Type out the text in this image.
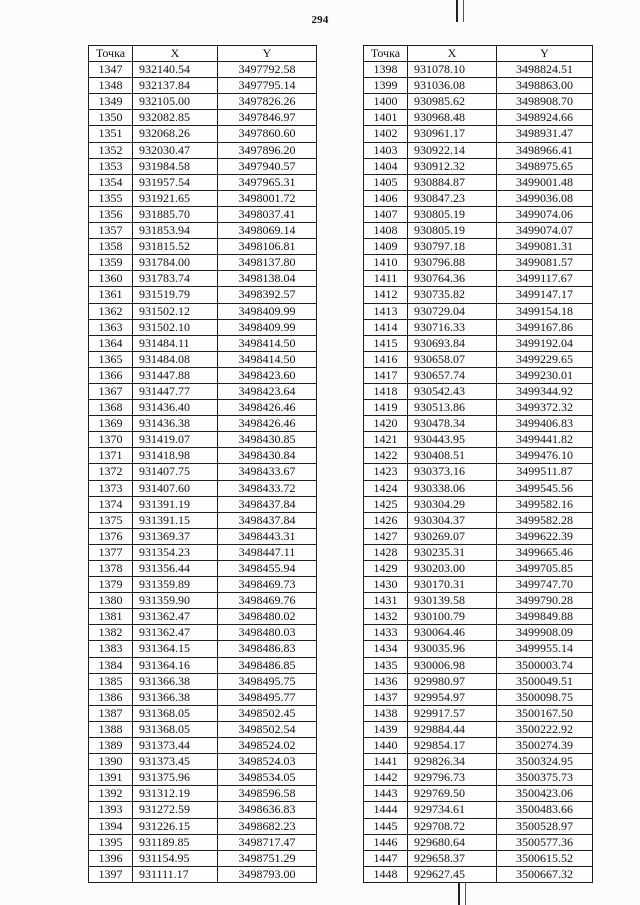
294
Точка	X	Y
1347	932140.54	3497792.58
1348	932137.84	3497795.14
1349	932105.00	3497826.26
1350	932082.85	3497846.97
1351	932068.26	3497860.60
1352	932030.47	3497896.20
1353	931984.58	3497940.57
1354	931957.54	3497965.31
1355	931921.65	3498001.72
1356	931885.70	3498037.41
1357	931853.94	3498069.14
1358	931815.52	3498106.81
1359	931784.00	3498137.80
1360	931783.74	3498138.04
1361	931519.79	3498392.57
1362	931502.12	3498409.99
1363	931502.10	3498409.99
1364	931484.11	3498414.50
1365	931484.08	3498414.50
1366	931447.88	3498423.60
1367	931447.77	3498423.64
1368	931436.40	3498426.46
1369	931436.38	3498426.46
1370	931419.07	3498430.85
1371	931418.98	3498430.84
1372	931407.75	3498433.67
1373	931407.60	3498433.72
1374	931391.19	3498437.84
1375	931391.15	3498437.84
1376	931369.37	3498443.31
1377	931354.23	3498447.11
1378	931356.44	3498455.94
1379	931359.89	3498469.73
1380	931359.90	3498469.76
1381	931362.47	3498480.02
1382	931362.47	3498480.03
1383	931364.15	3498486.83
1384	931364.16	3498486.85
1385	931366.38	3498495.75
1386	931366.38	3498495.77
1387	931368.05	3498502.45
1388	931368.05	3498502.54
1389	931373.44	3498524.02
1390	931373.45	3498524.03
1391	931375.96	3498534.05
1392	931312.19	3498596.58
1393	931272.59	3498636.83
1394	931226.15	3498682.23
1395	931189.85	3498717.47
1396	931154.95	3498751.29
1397	931111.17	3498793.00
Точка	X	Y
1398	931078.10	3498824.51
1399	931036.08	3498863.00
1400	930985.62	3498908.70
1401	930968.48	3498924.66
1402	930961.17	3498931.47
1403	930922.14	3498966.41
1404	930912.32	3498975.65
1405	930884.87	3499001.48
1406	930847.23	3499036.08
1407	930805.19	3499074.06
1408	930805.19	3499074.07
1409	930797.18	3499081.31
1410	930796.88	3499081.57
1411	930764.36	3499117.67
1412	930735.82	3499147.17
1413	930729.04	3499154.18
1414	930716.33	3499167.86
1415	930693.84	3499192.04
1416	930658.07	3499229.65
1417	930657.74	3499230.01
1418	930542.43	3499344.92
1419	930513.86	3499372.32
1420	930478.34	3499406.83
1421	930443.95	3499441.82
1422	930408.51	3499476.10
1423	930373.16	3499511.87
1424	930338.06	3499545.56
1425	930304.29	3499582.16
1426	930304.37	3499582.28
1427	930269.07	3499622.39
1428	930235.31	3499665.46
1429	930203.00	3499705.85
1430	930170.31	3499747.70
1431	930139.58	3499790.28
1432	930100.79	3499849.88
1433	930064.46	3499908.09
1434	930035.96	3499955.14
1435	930006.98	3500003.74
1436	929980.97	3500049.51
1437	929954.97	3500098.75
1438	929917.57	3500167.50
1439	929884.44	3500222.92
1440	929854.17	3500274.39
1441	929826.34	3500324.95
1442	929796.73	3500375.73
1443	929769.50	3500423.06
1444	929734.61	3500483.66
1445	929708.72	3500528.97
1446	929680.64	3500577.36
1447	929658.37	3500615.52
1448	929627.45	3500667.32
